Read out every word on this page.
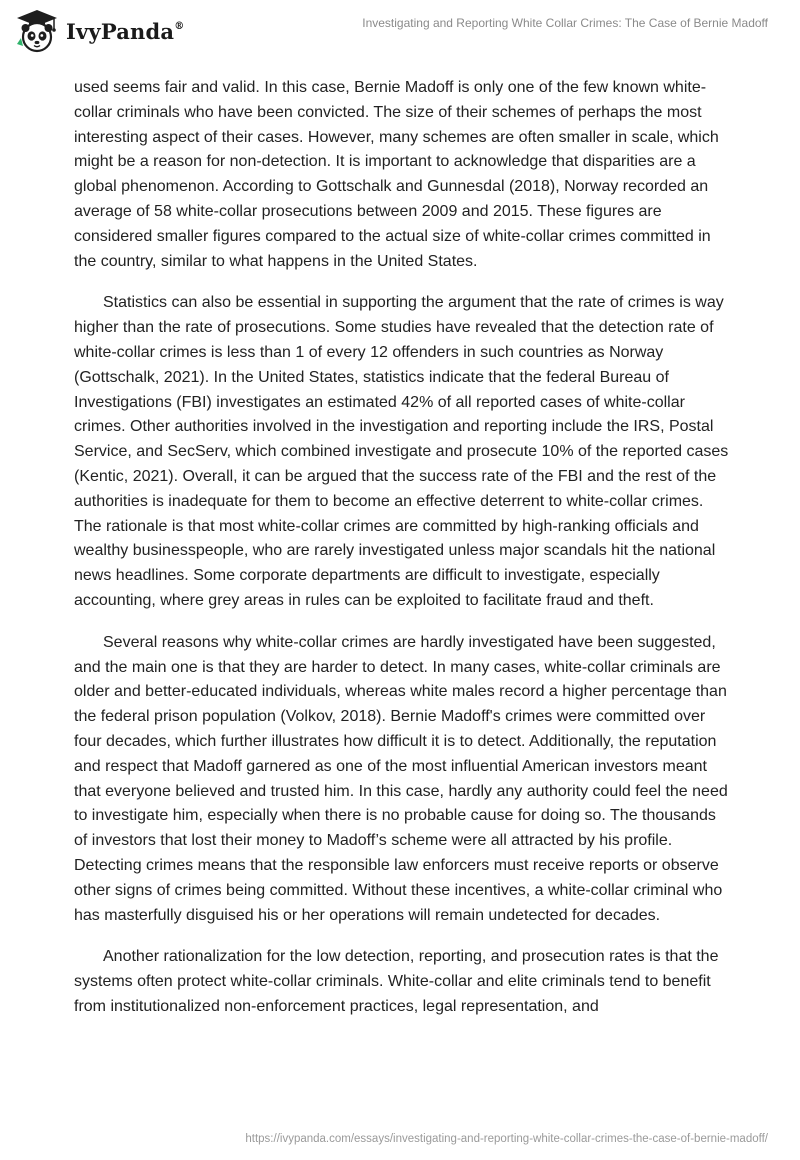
IvyPanda®	Investigating and Reporting White Collar Crimes: The Case of Bernie Madoff

used seems fair and valid. In this case, Bernie Madoff is only one of the few known white-collar criminals who have been convicted. The size of their schemes of perhaps the most interesting aspect of their cases. However, many schemes are often smaller in scale, which might be a reason for non-detection. It is important to acknowledge that disparities are a global phenomenon. According to Gottschalk and Gunnesdal (2018), Norway recorded an average of 58 white-collar prosecutions between 2009 and 2015. These figures are considered smaller figures compared to the actual size of white-collar crimes committed in the country, similar to what happens in the United States.

Statistics can also be essential in supporting the argument that the rate of crimes is way higher than the rate of prosecutions. Some studies have revealed that the detection rate of white-collar crimes is less than 1 of every 12 offenders in such countries as Norway (Gottschalk, 2021). In the United States, statistics indicate that the federal Bureau of Investigations (FBI) investigates an estimated 42% of all reported cases of white-collar crimes. Other authorities involved in the investigation and reporting include the IRS, Postal Service, and SecServ, which combined investigate and prosecute 10% of the reported cases (Kentic, 2021). Overall, it can be argued that the success rate of the FBI and the rest of the authorities is inadequate for them to become an effective deterrent to white-collar crimes. The rationale is that most white-collar crimes are committed by high-ranking officials and wealthy businesspeople, who are rarely investigated unless major scandals hit the national news headlines. Some corporate departments are difficult to investigate, especially accounting, where grey areas in rules can be exploited to facilitate fraud and theft.

Several reasons why white-collar crimes are hardly investigated have been suggested, and the main one is that they are harder to detect. In many cases, white-collar criminals are older and better-educated individuals, whereas white males record a higher percentage than the federal prison population (Volkov, 2018). Bernie Madoff's crimes were committed over four decades, which further illustrates how difficult it is to detect. Additionally, the reputation and respect that Madoff garnered as one of the most influential American investors meant that everyone believed and trusted him. In this case, hardly any authority could feel the need to investigate him, especially when there is no probable cause for doing so. The thousands of investors that lost their money to Madoff’s scheme were all attracted by his profile. Detecting crimes means that the responsible law enforcers must receive reports or observe other signs of crimes being committed. Without these incentives, a white-collar criminal who has masterfully disguised his or her operations will remain undetected for decades.

Another rationalization for the low detection, reporting, and prosecution rates is that the systems often protect white-collar criminals. White-collar and elite criminals tend to benefit from institutionalized non-enforcement practices, legal representation, and

https://ivypanda.com/essays/investigating-and-reporting-white-collar-crimes-the-case-of-bernie-madoff/
